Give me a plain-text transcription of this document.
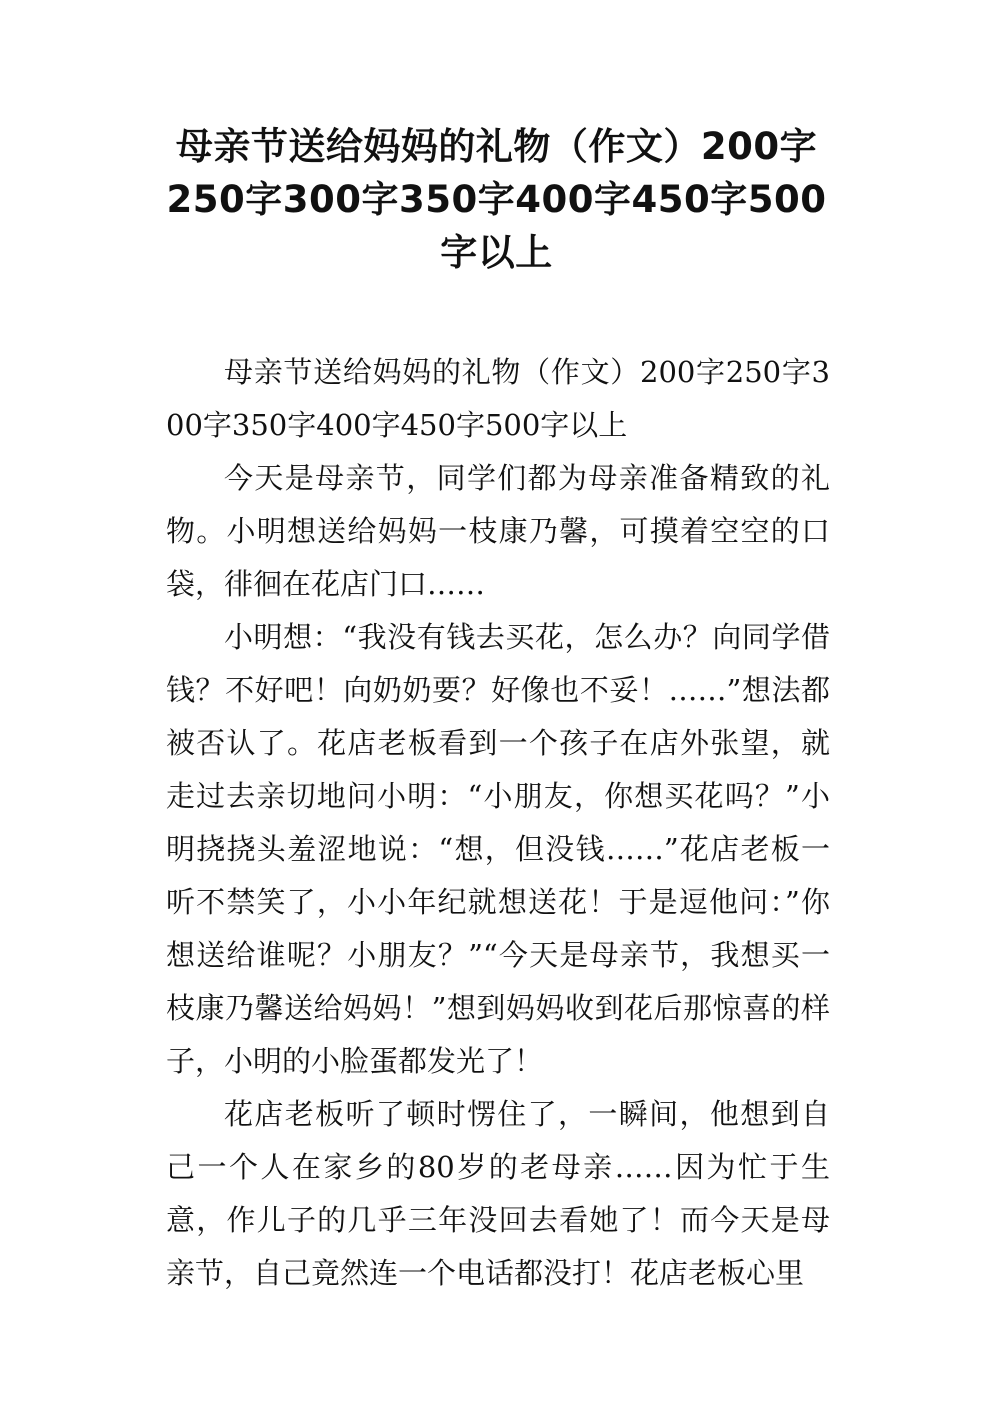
母亲节送给妈妈的礼物（作文）200字250字300字350字400字450字500字以上

母亲节送给妈妈的礼物（作文）200字250字300字350字400字450字500字以上

今天是母亲节，同学们都为母亲准备精致的礼物。小明想送给妈妈一枝康乃馨，可摸着空空的口袋，徘徊在花店门口……

小明想：“我没有钱去买花，怎么办？向同学借钱？不好吧！向奶奶要？好像也不妥！……”想法都被否认了。花店老板看到一个孩子在店外张望，就走过去亲切地问小明：“小朋友，你想买花吗？”小明挠挠头羞涩地说：“想，但没钱……”花店老板一听不禁笑了，小小年纪就想送花！于是逗他问：”你想送给谁呢？小朋友？”“今天是母亲节，我想买一枝康乃馨送给妈妈！”想到妈妈收到花后那惊喜的样子，小明的小脸蛋都发光了！

花店老板听了顿时愣住了，一瞬间，他想到自己一个人在家乡的80岁的老母亲……因为忙于生意，作儿子的几乎三年没回去看她了！而今天是母亲节，自己竟然连一个电话都没打！花店老板心里
